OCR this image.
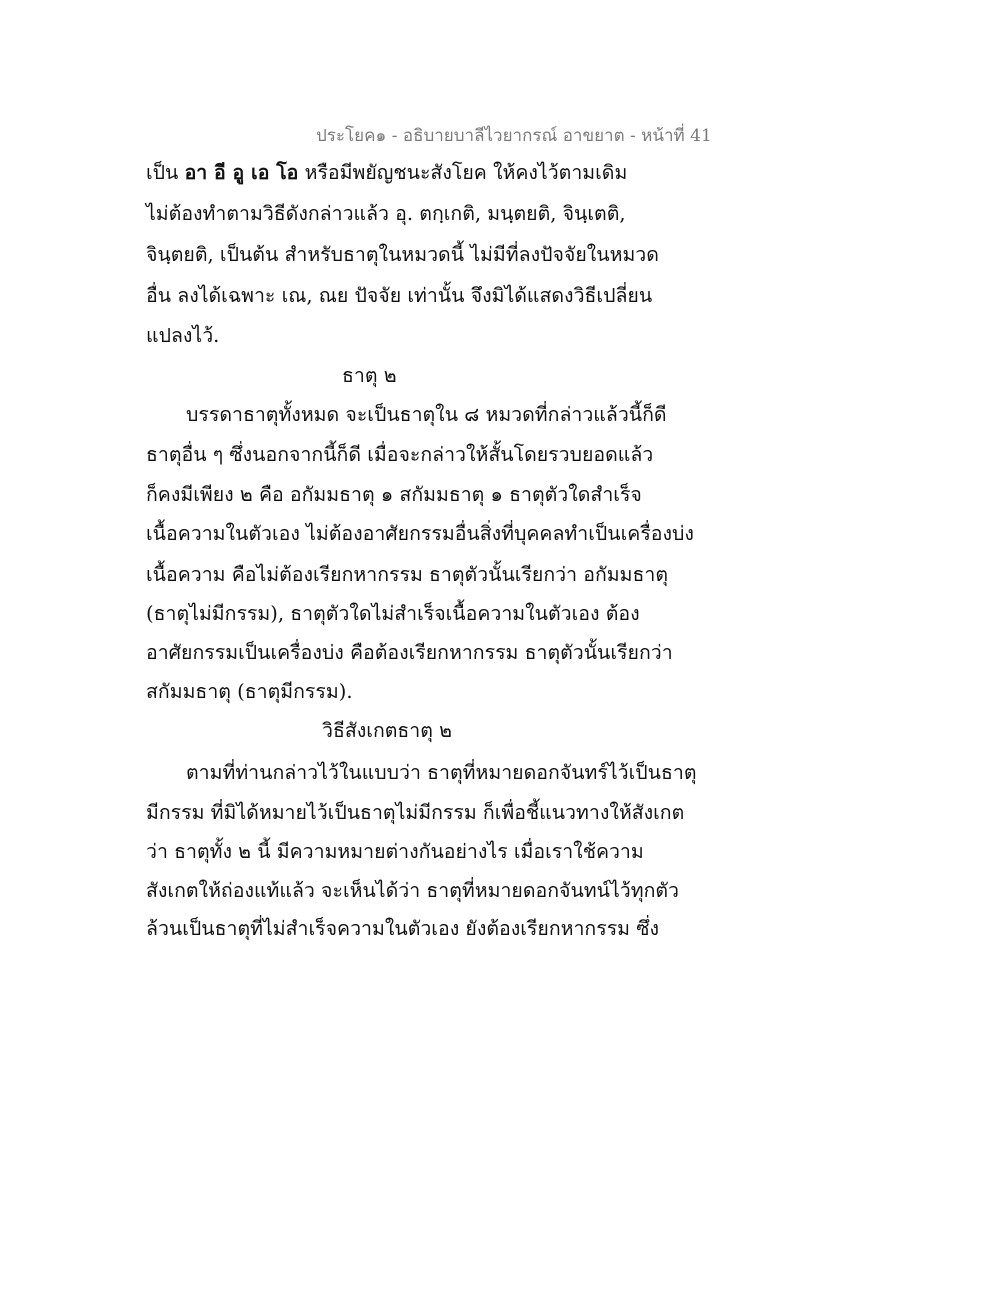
ประโยค๑ - อธิบายบาลีไวยากรณ์ อาขยาต - หน้าที่ 41
เป็น อา อี อู เอ โอ หรือมีพยัญชนะสังโยค ให้คงไว้ตามเดิม
ไม่ต้องทำตามวิธีดังกล่าวแล้ว อุ. ตกฺเกติ, มนฺตยติ, จินฺเตติ,
จินฺตยติ, เป็นต้น สำหรับธาตุในหมวดนี้ ไม่มีที่ลงปัจจัยในหมวด
อื่น ลงได้เฉพาะ เณ, ณย ปัจจัย เท่านั้น จึงมิได้แสดงวิธีเปลี่ยน
แปลงไว้.
ธาตุ ๒
บรรดาธาตุทั้งหมด จะเป็นธาตุใน ๘ หมวดที่กล่าวแล้วนี้ก็ดี
ธาตุอื่น ๆ ซึ่งนอกจากนี้ก็ดี เมื่อจะกล่าวให้สั้นโดยรวบยอดแล้ว
ก็คงมีเพียง ๒ คือ อกัมมธาตุ ๑ สกัมมธาตุ ๑ ธาตุตัวใดสำเร็จ
เนื้อความในตัวเอง ไม่ต้องอาศัยกรรมอื่นสิ่งที่บุคคลทำเป็นเครื่องบ่ง
เนื้อความ คือไม่ต้องเรียกหากรรม ธาตุตัวนั้นเรียกว่า อกัมมธาตุ
(ธาตุไม่มีกรรม), ธาตุตัวใดไม่สำเร็จเนื้อความในตัวเอง ต้อง
อาศัยกรรมเป็นเครื่องบ่ง คือต้องเรียกหากรรม ธาตุตัวนั้นเรียกว่า
สกัมมธาตุ (ธาตุมีกรรม).
วิธีสังเกตธาตุ ๒
ตามที่ท่านกล่าวไว้ในแบบว่า ธาตุที่หมายดอกจันทร์ไว้เป็นธาตุ
มีกรรม ที่มิได้หมายไว้เป็นธาตุไม่มีกรรม ก็เพื่อชี้แนวทางให้สังเกต
ว่า ธาตุทั้ง ๒ นี้ มีความหมายต่างกันอย่างไร เมื่อเราใช้ความ
สังเกตให้ถ่องแท้แล้ว จะเห็นได้ว่า ธาตุที่หมายดอกจันทน์ไว้ทุกตัว
ล้วนเป็นธาตุที่ไม่สำเร็จความในตัวเอง ยังต้องเรียกหากรรม ซึ่ง
